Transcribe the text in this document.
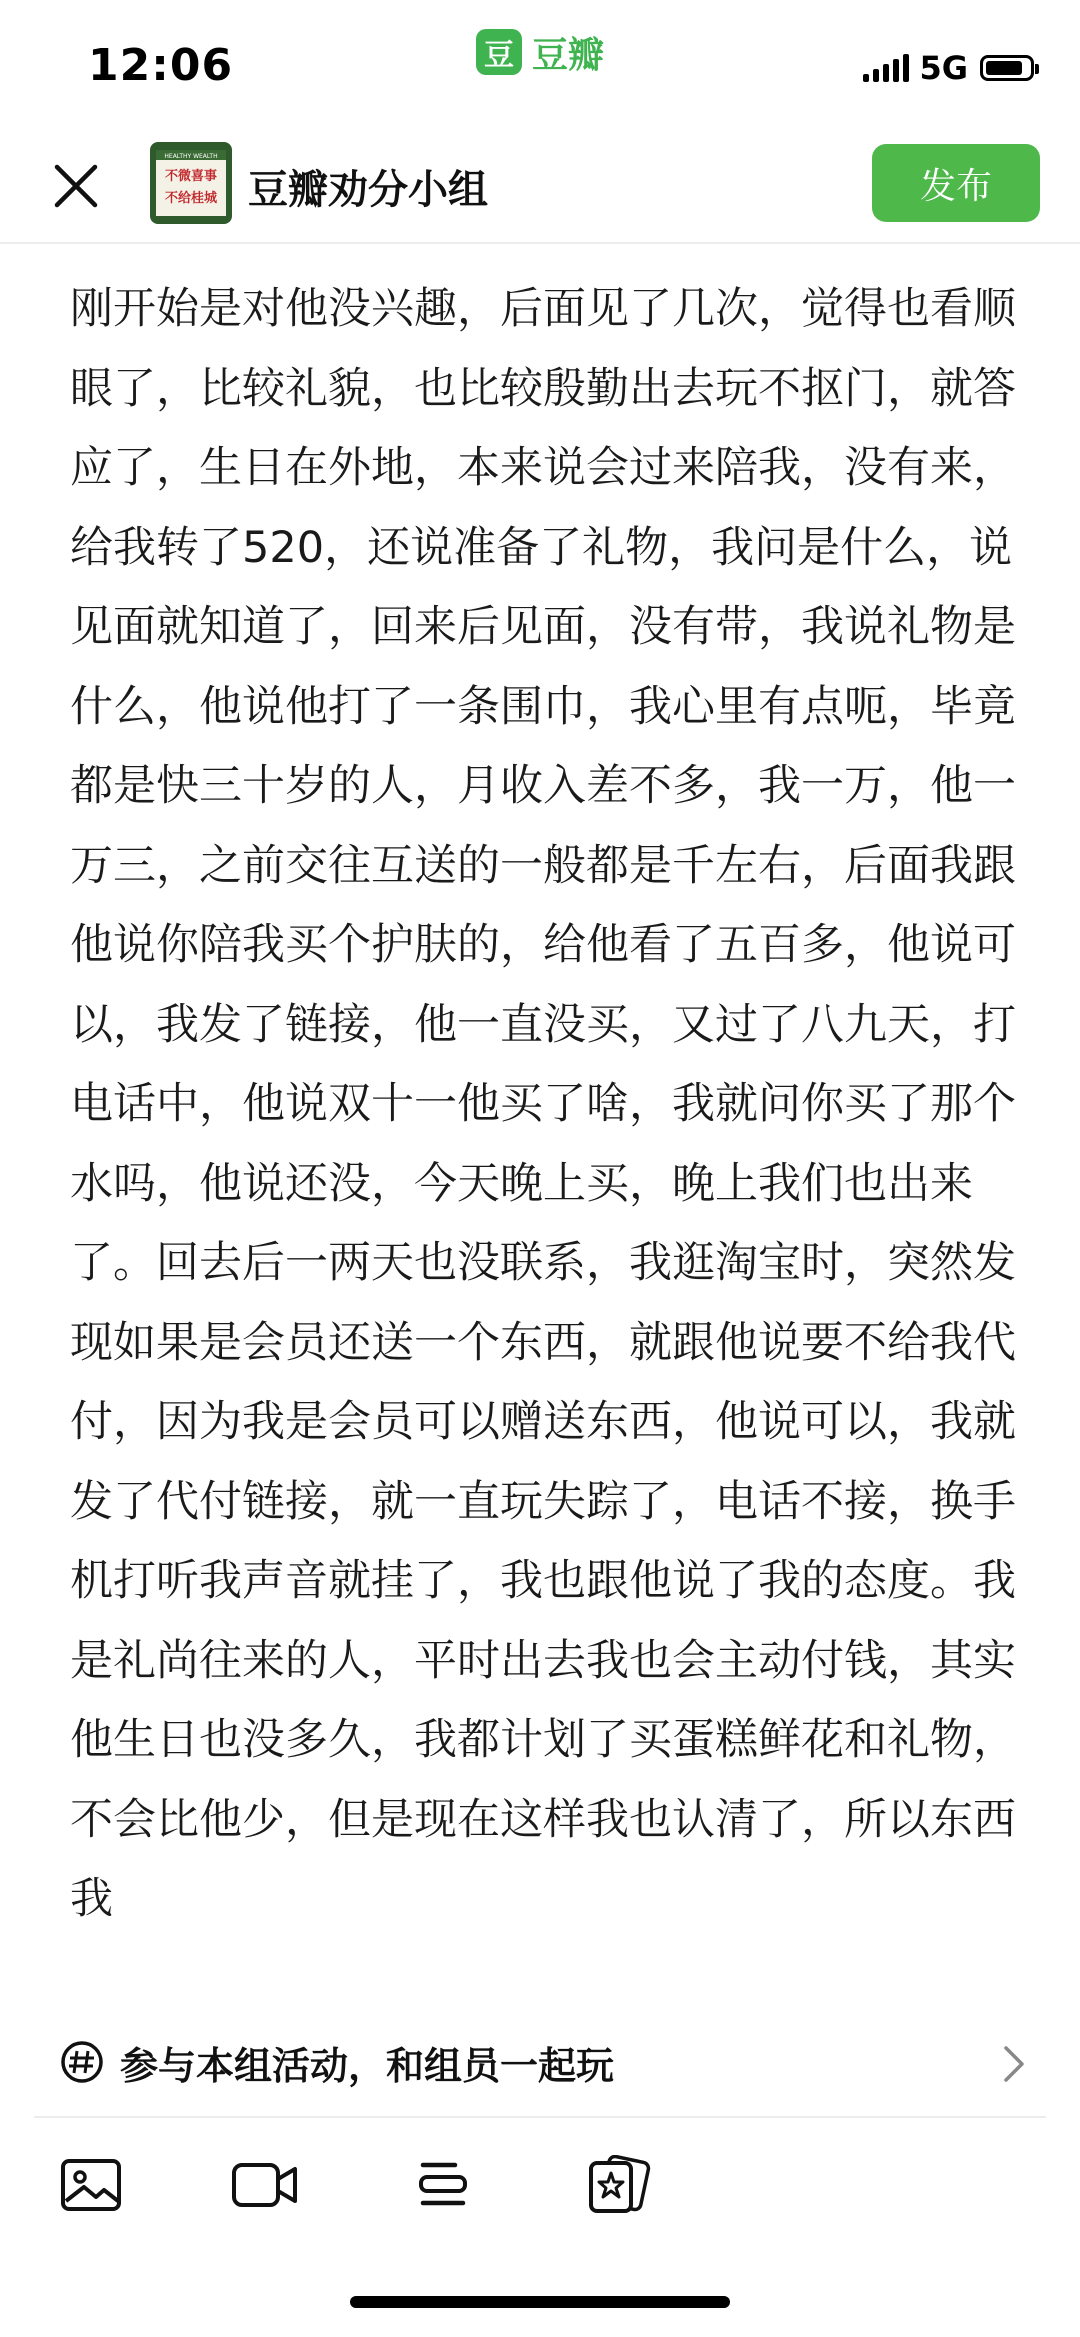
12:06	豆 豆瓣	5G
HEALTHY WEALTH
不微喜事
不给桂城 豆瓣劝分小组	发布

刚开始是对他没兴趣，后面见了几次，觉得也看顺眼了，比较礼貌，也比较殷勤出去玩不抠门，就答应了，生日在外地，本来说会过来陪我，没有来，给我转了520，还说准备了礼物，我问是什么，说见面就知道了，回来后见面，没有带，我说礼物是什么，他说他打了一条围巾，我心里有点呃，毕竟都是快三十岁的人，月收入差不多，我一万，他一万三，之前交往互送的一般都是千左右，后面我跟他说你陪我买个护肤的，给他看了五百多，他说可以，我发了链接，他一直没买，又过了八九天，打电话中，他说双十一他买了啥，我就问你买了那个水吗，他说还没，今天晚上买，晚上我们也出来了。回去后一两天也没联系，我逛淘宝时，突然发现如果是会员还送一个东西，就跟他说要不给我代付，因为我是会员可以赠送东西，他说可以，我就发了代付链接，就一直玩失踪了，电话不接，换手机打听我声音就挂了，我也跟他说了我的态度。我是礼尚往来的人，平时出去我也会主动付钱，其实他生日也没多久，我都计划了买蛋糕鲜花和礼物，不会比他少，但是现在这样我也认清了，所以东西我

参与本组活动，和组员一起玩
